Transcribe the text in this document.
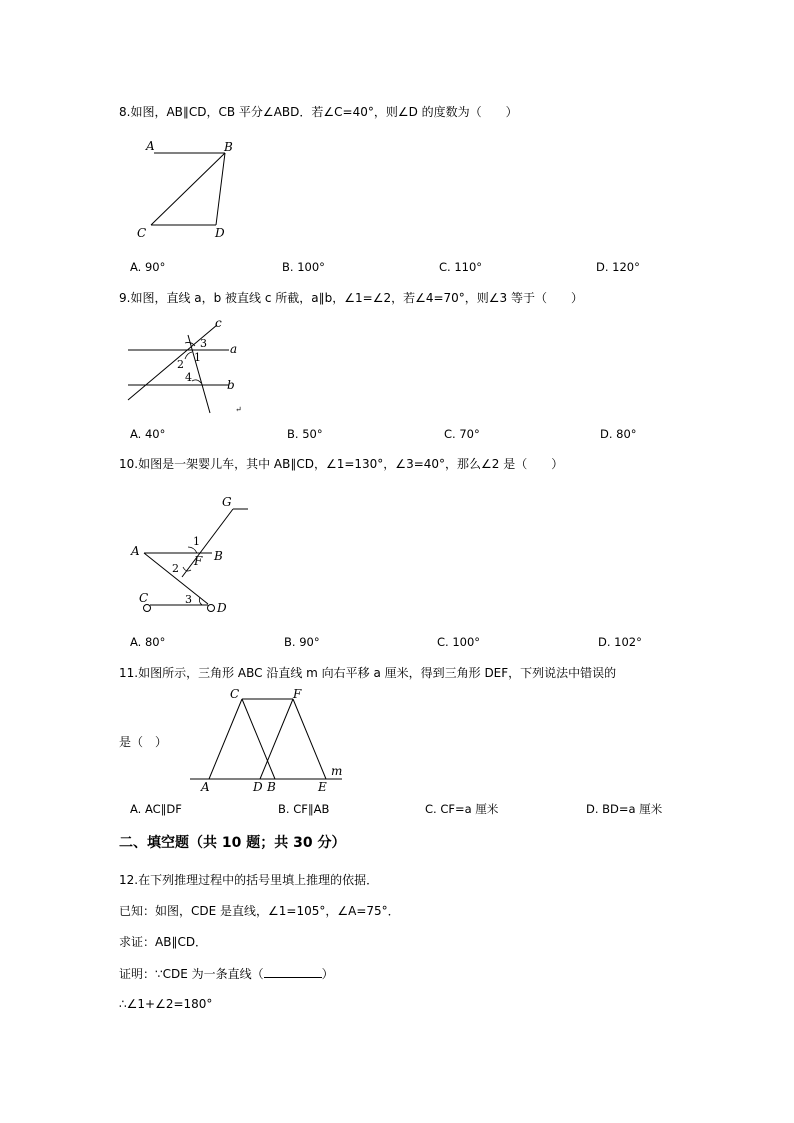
8.如图，AB∥CD，CB 平分∠ABD．若∠C=40°，则∠D 的度数为（　　）
A	B
C	D
A. 90°	B. 100°	C. 110°	D. 120°
9.如图，直线 a，b 被直线 c 所截，a∥b，∠1=∠2，若∠4=70°，则∠3 等于（　　）
c
a
b
3
1
2
4
↵
A. 40°	B. 50°	C. 70°	D. 80°
10.如图是一架婴儿车，其中 AB∥CD，∠1=130°，∠3=40°，那么∠2 是（　　）
G
A	B
F
C
D
1
2
3
A. 80°	B. 90°	C. 100°	D. 102°
11.如图所示，三角形 ABC 沿直线 m 向右平移 a 厘米，得到三角形 DEF，下列说法中错误的
C	F
A	D B	E
m
是（　）
A. AC∥DF	B. CF∥AB	C. CF=a 厘米	D. BD=a 厘米
二、填空题（共 10 题；共 30 分）
12.在下列推理过程中的括号里填上推理的依据．
已知：如图，CDE 是直线，∠1=105°，∠A=75°．
求证：AB∥CD．
证明：∵CDE 为一条直线（	）
∴∠1+∠2=180°
